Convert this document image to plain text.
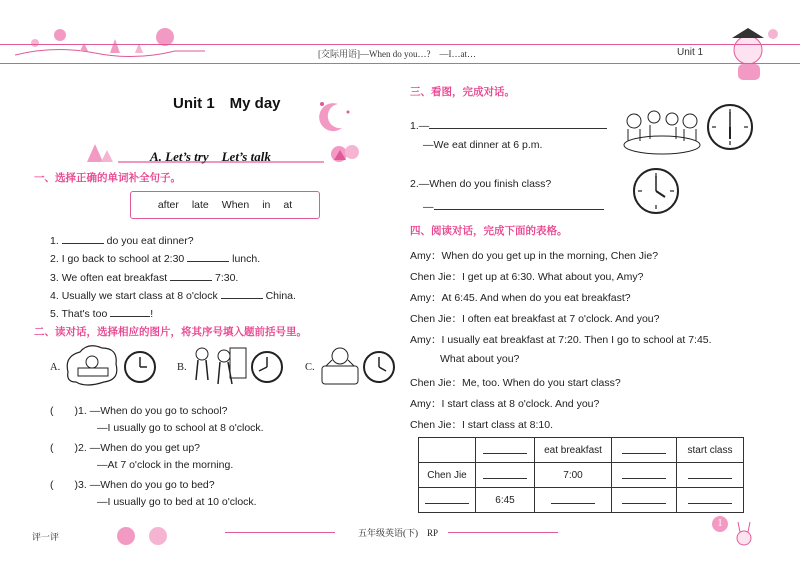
[交际用语]—When do you…?　—I…at…	Unit 1
Unit 1　My day
A. Let’s try　Let’s talk
一、选择正确的单词补全句子。
after late When in at
1.	do you eat dinner?
2. I go back to school at 2:30	lunch.
3. We often eat breakfast	7:30.
4. Usually we start class at 8 o'clock	China.
5. That's too	!
二、读对话，选择相应的图片，将其序号填入题前括号里。
A.	B.	C.
(　　)1. —When do you go to school?
—I usually go to school at 8 o'clock.
(　　)2. —When do you get up?
—At 7 o'clock in the morning.
(　　)3. —When do you go to bed?
—I usually go to bed at 10 o'clock.
三、看图，完成对话。
1.—
—We eat dinner at 6 p.m.
2.—When do you finish class?
—
四、阅读对话，完成下面的表格。
Amy：When do you get up in the morning, Chen Jie?
Chen Jie：I get up at 6:30. What about you, Amy?
Amy：At 6:45. And when do you eat breakfast?
Chen Jie：I often eat breakfast at 7 o'clock. And you?
Amy：I usually eat breakfast at 7:20. Then I go to school at 7:45.
What about you?
Chen Jie：Me, too. When do you start class?
Amy：I start class at 8 o'clock. And you?
Chen Jie：I start class at 8:10.
		eat breakfast		start class
Chen Jie		7:00		
	6:45			
评一评	五年级英语(下)　RP
1
